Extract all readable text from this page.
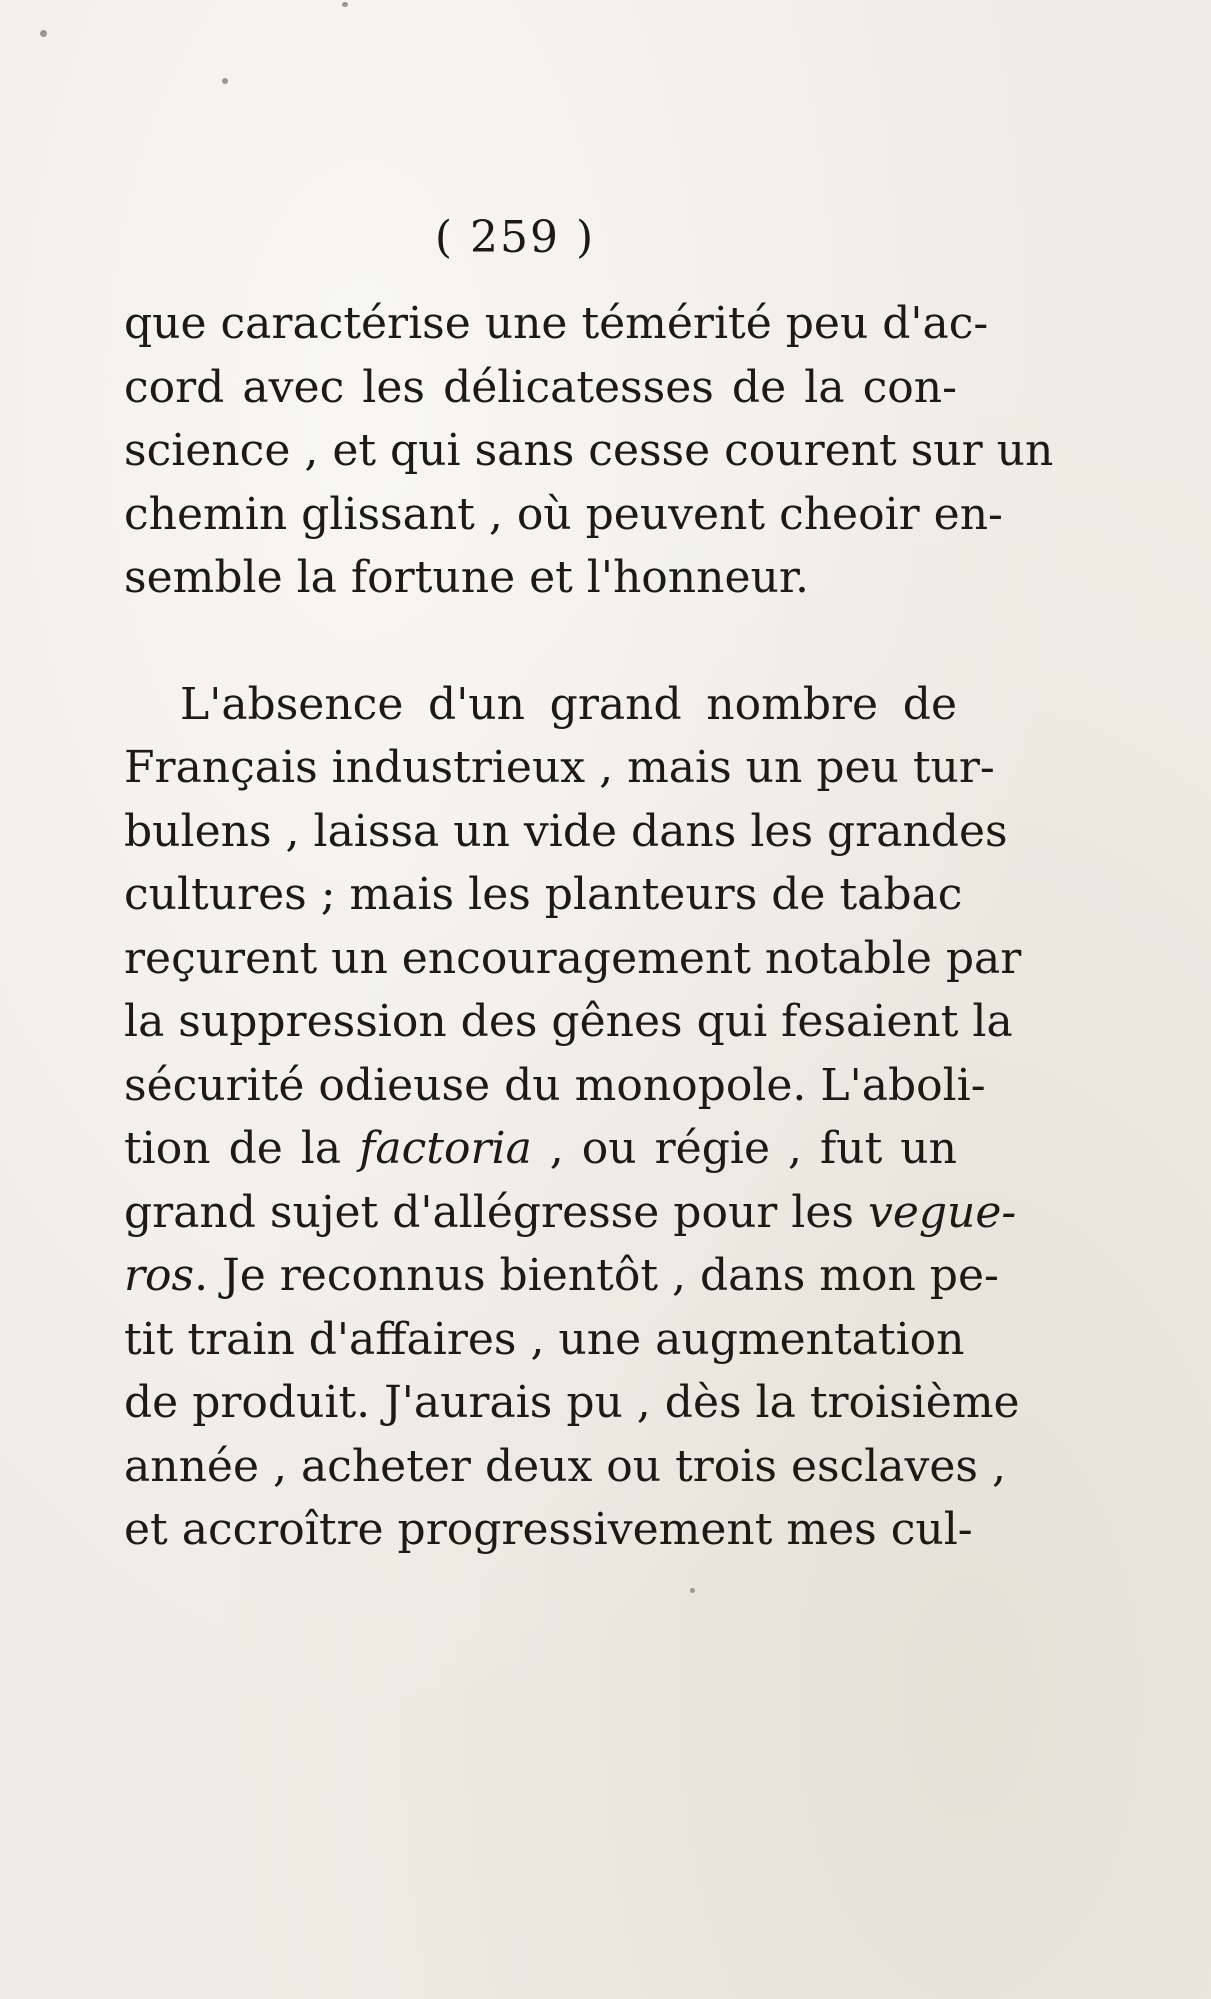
( 259 )
que caractérise une témérité peu d'ac-
cord avec les délicatesses de la con-
science , et qui sans cesse courent sur un
chemin glissant , où peuvent cheoir en-
semble la fortune et l'honneur.
L'absence d'un grand nombre de
Français industrieux , mais un peu tur-
bulens , laissa un vide dans les grandes
cultures ; mais les planteurs de tabac
reçurent un encouragement notable par
la suppression des gênes qui fesaient la
sécurité odieuse du monopole. L'aboli-
tion de la factoria , ou régie , fut un
grand sujet d'allégresse pour les vegue-
ros. Je reconnus bientôt , dans mon pe-
tit train d'affaires , une augmentation
de produit. J'aurais pu , dès la troisième
année , acheter deux ou trois esclaves ,
et accroître progressivement mes cul-
